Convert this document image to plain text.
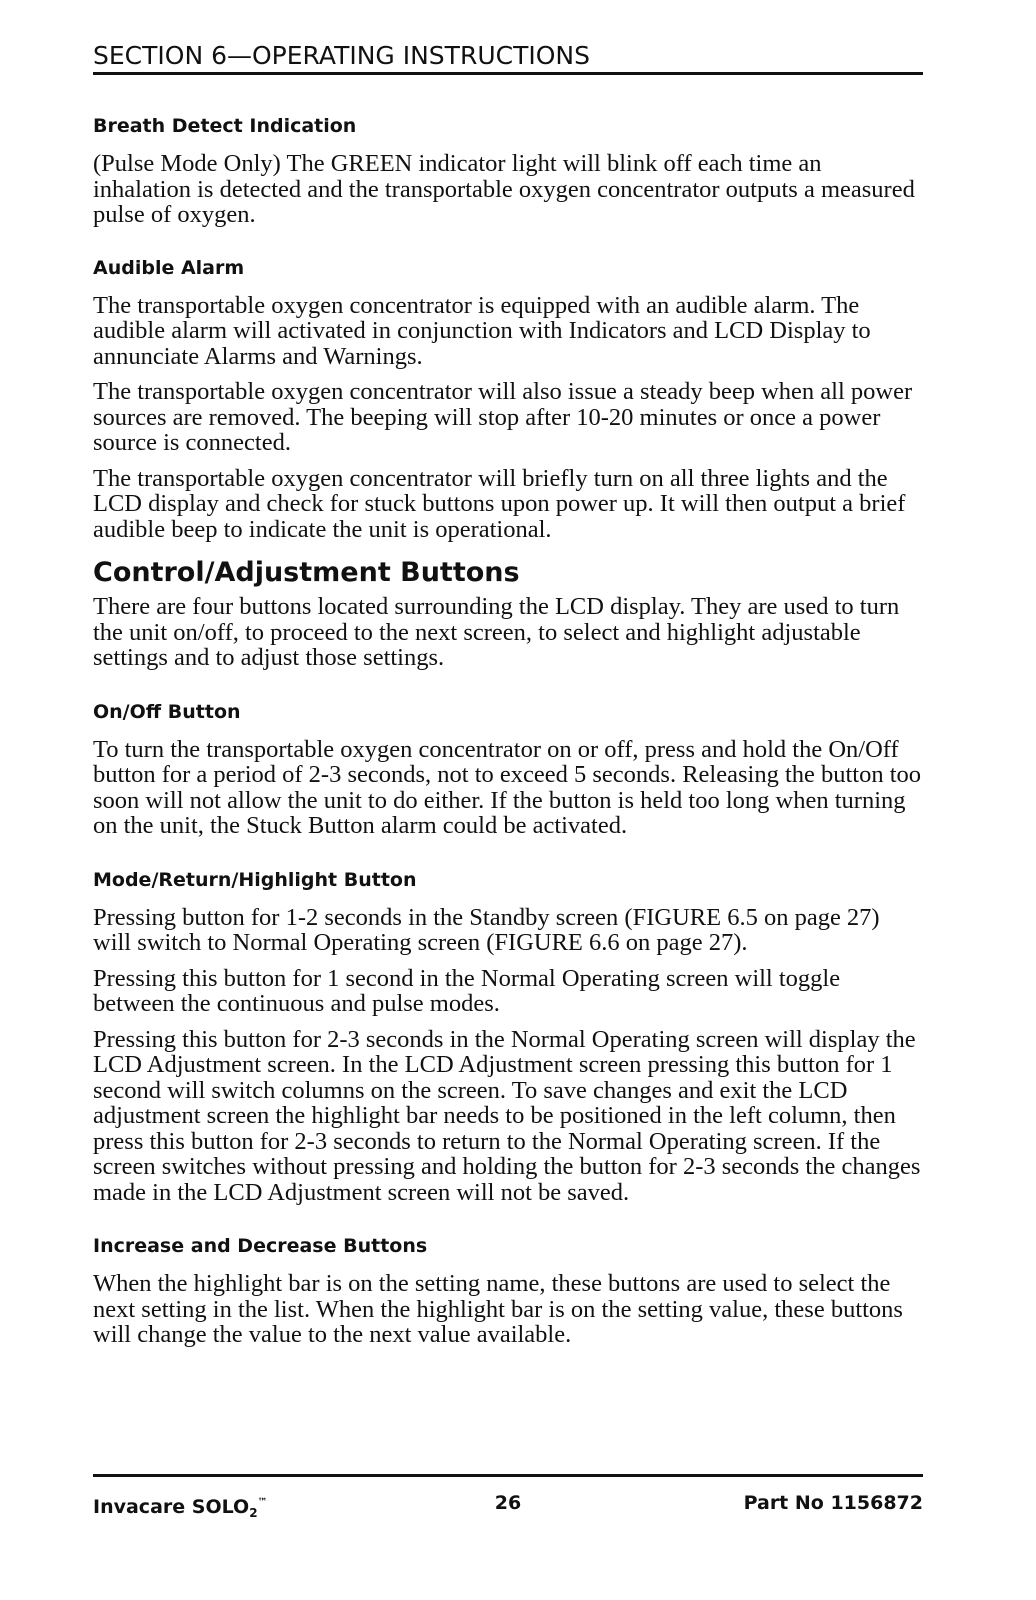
SECTION 6—OPERATING INSTRUCTIONS
Breath Detect Indication

(Pulse Mode Only) The GREEN indicator light will blink off each time an inhalation is detected and the transportable oxygen concentrator outputs a measured pulse of oxygen.

Audible Alarm

The transportable oxygen concentrator is equipped with an audible alarm. The audible alarm will activated in conjunction with Indicators and LCD Display to annunciate Alarms and Warnings.

The transportable oxygen concentrator will also issue a steady beep when all power sources are removed. The beeping will stop after 10-20 minutes or once a power source is connected.

The transportable oxygen concentrator will briefly turn on all three lights and the LCD display and check for stuck buttons upon power up. It will then output a brief audible beep to indicate the unit is operational.

Control/Adjustment Buttons

There are four buttons located surrounding the LCD display. They are used to turn the unit on/off, to proceed to the next screen, to select and highlight adjustable settings and to adjust those settings.

On/Off Button

To turn the transportable oxygen concentrator on or off, press and hold the On/Off button for a period of 2-3 seconds, not to exceed 5 seconds. Releasing the button too soon will not allow the unit to do either. If the button is held too long when turning on the unit, the Stuck Button alarm could be activated.

Mode/Return/Highlight Button

Pressing button for 1-2 seconds in the Standby screen (FIGURE 6.5 on page 27) will switch to Normal Operating screen (FIGURE 6.6 on page 27).

Pressing this button for 1 second in the Normal Operating screen will toggle between the continuous and pulse modes.

Pressing this button for 2-3 seconds in the Normal Operating screen will display the LCD Adjustment screen. In the LCD Adjustment screen pressing this button for 1 second will switch columns on the screen. To save changes and exit the LCD adjustment screen the highlight bar needs to be positioned in the left column, then press this button for 2-3 seconds to return to the Normal Operating screen. If the screen switches without pressing and holding the button for 2-3 seconds the changes made in the LCD Adjustment screen will not be saved.

Increase and Decrease Buttons

When the highlight bar is on the setting name, these buttons are used to select the next setting in the list. When the highlight bar is on the setting value, these buttons will change the value to the next value available.

Invacare $SOLO_2™$	26	Part No 1156872
